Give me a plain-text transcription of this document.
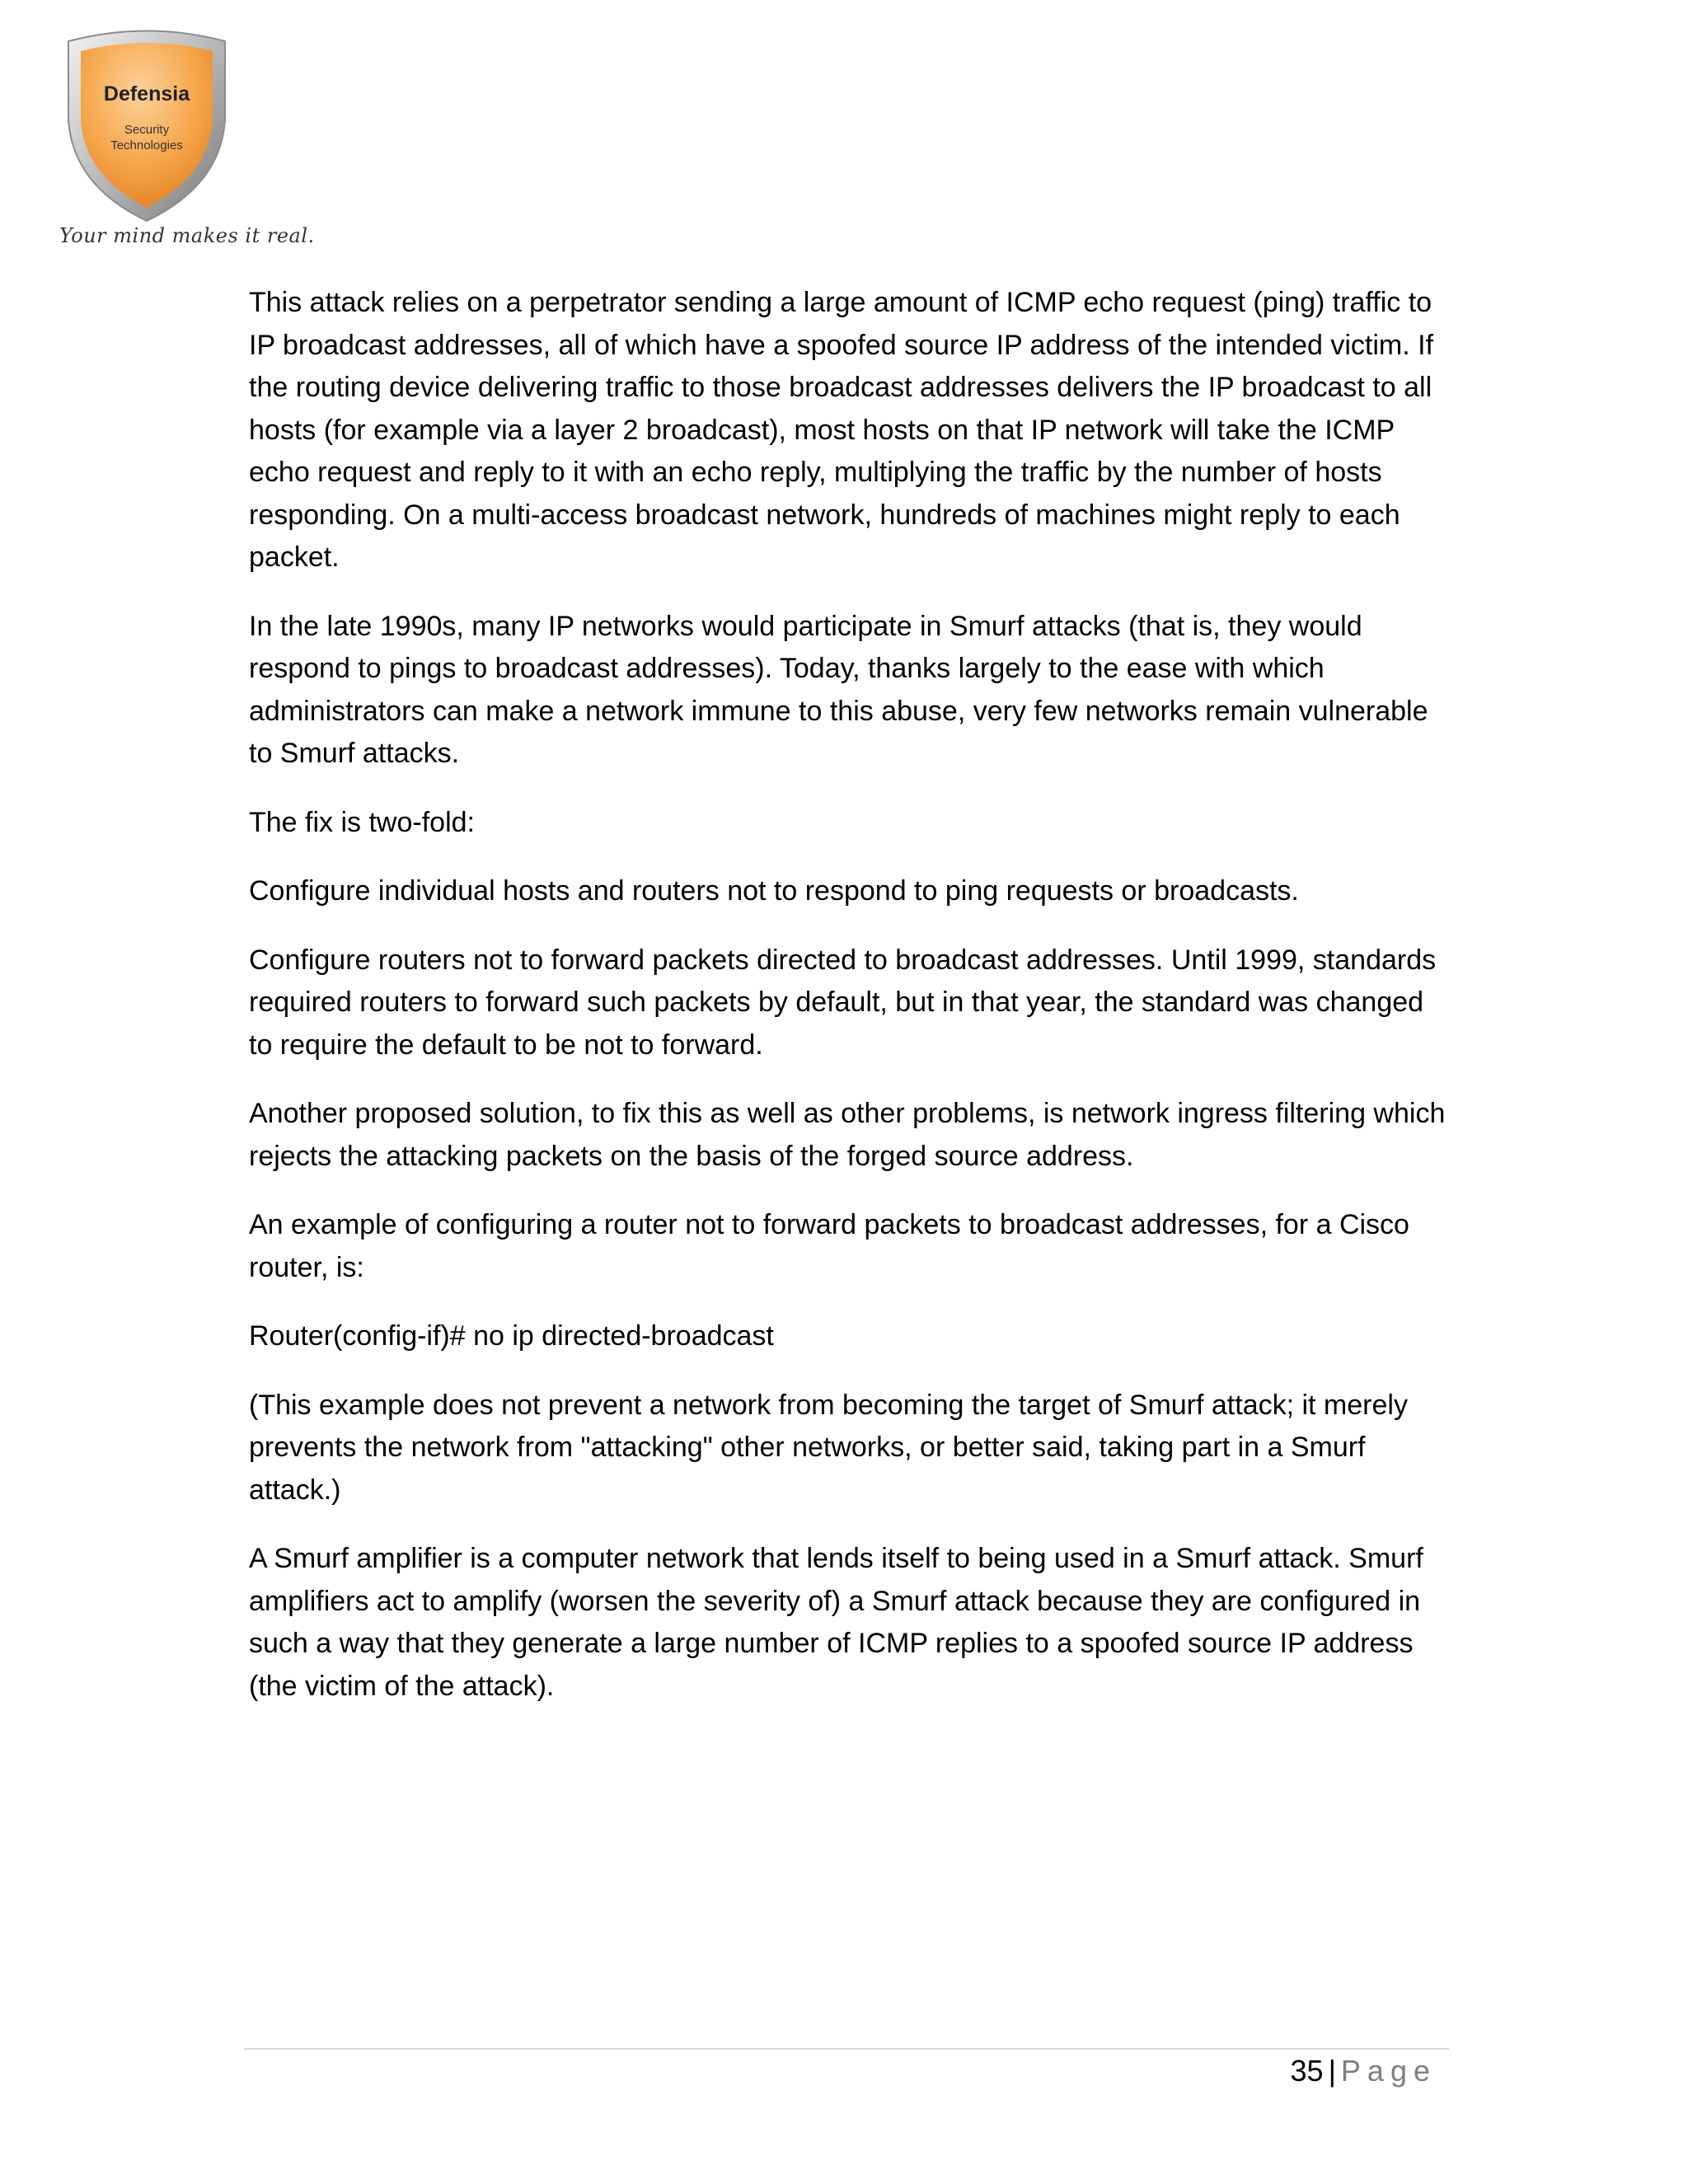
Defensia
Security
Technologies
Your mind makes it real.

This attack relies on a perpetrator sending a large amount of ICMP echo request (ping) traffic to IP broadcast addresses, all of which have a spoofed source IP address of the intended victim. If the routing device delivering traffic to those broadcast addresses delivers the IP broadcast to all hosts (for example via a layer 2 broadcast), most hosts on that IP network will take the ICMP echo request and reply to it with an echo reply, multiplying the traffic by the number of hosts responding. On a multi-access broadcast network, hundreds of machines might reply to each packet.

In the late 1990s, many IP networks would participate in Smurf attacks (that is, they would respond to pings to broadcast addresses). Today, thanks largely to the ease with which administrators can make a network immune to this abuse, very few networks remain vulnerable to Smurf attacks.

The fix is two-fold:

Configure individual hosts and routers not to respond to ping requests or broadcasts.

Configure routers not to forward packets directed to broadcast addresses. Until 1999, standards required routers to forward such packets by default, but in that year, the standard was changed to require the default to be not to forward.

Another proposed solution, to fix this as well as other problems, is network ingress filtering which rejects the attacking packets on the basis of the forged source address.

An example of configuring a router not to forward packets to broadcast addresses, for a Cisco router, is:

Router(config-if)# no ip directed-broadcast

(This example does not prevent a network from becoming the target of Smurf attack; it merely prevents the network from "attacking" other networks, or better said, taking part in a Smurf attack.)

A Smurf amplifier is a computer network that lends itself to being used in a Smurf attack. Smurf amplifiers act to amplify (worsen the severity of) a Smurf attack because they are configured in such a way that they generate a large number of ICMP replies to a spoofed source IP address (the victim of the attack).

35 | Page
